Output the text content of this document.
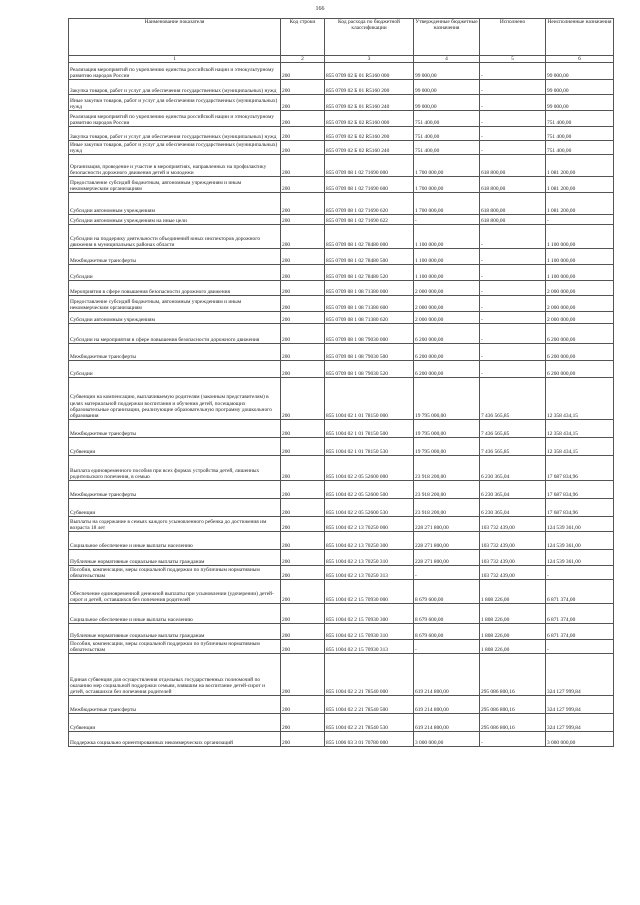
166
Наименование показателя	Код строки	Код расхода по бюджетной классификации	Утвержденные бюджетные назначения	Исполнено	Неисполненные назначения
1	2	3	4	5	6
Реализация мероприятий по укреплению единства российской нации и этнокультурному развитию народов России	200	855 0709 02 Б 01 R5160 000	99 000,00	-	99 000,00
Закупка товаров, работ и услуг для обеспечения государственных (муниципальных) нужд	200	855 0709 02 Б 01 R5160 200	99 000,00	-	99 000,00
Иные закупки товаров, работ и услуг для обеспечения государственных (муниципальных) нужд	200	855 0709 02 Б 01 R5160 240	99 000,00	-	99 000,00
Реализация мероприятий по укреплению единства российской нации и этнокультурному развитию народов России	200	855 0709 02 Б 02 R5160 000	751 400,00	-	751 400,00
Закупка товаров, работ и услуг для обеспечения государственных (муниципальных) нужд	200	855 0709 02 Б 02 R5160 200	751 400,00	-	751 400,00
Иные закупки товаров, работ и услуг для обеспечения государственных (муниципальных) нужд	200	855 0709 02 Б 02 R5160 240	751 400,00	-	751 400,00
Организация, проведение и участие в мероприятиях, направленных на профилактику безопасности дорожного движения детей и молодежи	200	855 0709 08 1 02 71690 000	1 700 000,00	618 800,00	1 081 200,00
Предоставление субсидий бюджетным, автономным учреждениям и иным некоммерческим организациям	200	855 0709 08 1 02 71690 600	1 700 000,00	618 800,00	1 081 200,00
Субсидии автономным учреждениям	200	855 0709 08 1 02 71690 620	1 700 000,00	618 800,00	1 081 200,00
Субсидии автономным учреждениям на иные цели	200	855 0709 08 1 02 71690 622	-	618 800,00	-
Субсидии на поддержку деятельности объединений юных инспекторов дорожного движения в муниципальных районах области	200	855 0709 08 1 02 78480 000	1 100 000,00	-	1 100 000,00
Межбюджетные трансферты	200	855 0709 08 1 02 78480 500	1 100 000,00	-	1 100 000,00
Субсидии	200	855 0709 08 1 02 78480 520	1 100 000,00	-	1 100 000,00
Мероприятия в сфере повышения безопасности дорожного движения	200	855 0709 08 1 08 71380 000	2 000 000,00	-	2 000 000,00
Предоставление субсидий бюджетным, автономным учреждениям и иным некоммерческим организациям	200	855 0709 08 1 08 71380 600	2 000 000,00	-	2 000 000,00
Субсидии автономным учреждениям	200	855 0709 08 1 08 71380 620	2 000 000,00	-	2 000 000,00
Субсидии на мероприятия в сфере повышения безопасности дорожного движения	200	855 0709 08 1 08 79030 000	6 200 000,00	-	6 200 000,00
Межбюджетные трансферты	200	855 0709 08 1 08 79030 500	6 200 000,00	-	6 200 000,00
Субсидии	200	855 0709 08 1 08 79030 520	6 200 000,00	-	6 200 000,00
Субвенции на компенсацию, выплачиваемую родителям (законным представителям) в целях материальной поддержки воспитания и обучения детей, посещающих образовательные организации, реализующие образовательную программу дошкольного образования	200	855 1004 02 1 01 78150 000	19 795 000,00	7 436 565,85	12 358 434,15
Межбюджетные трансферты	200	855 1004 02 1 01 78150 500	19 795 000,00	7 436 565,85	12 358 434,15
Субвенции	200	855 1004 02 1 01 78150 530	19 795 000,00	7 436 565,85	12 358 434,15
Выплата единовременного пособия при всех формах устройства детей, лишенных родительского попечения, в семью	200	855 1004 02 2 05 52600 000	23 918 200,00	6 230 365,04	17 687 834,96
Межбюджетные трансферты	200	855 1004 02 2 05 52600 500	23 918 200,00	6 230 365,04	17 687 834,96
Субвенции	200	855 1004 02 2 05 52600 530	23 918 200,00	6 230 365,04	17 687 834,96
Выплаты на содержание в семьях каждого усыновленного ребенка до достижения им возраста 18 лет	200	855 1004 02 2 13 70250 000	228 271 800,00	103 732 439,00	124 539 361,00
Социальное обеспечение и иные выплаты населению	200	855 1004 02 2 13 70250 300	228 271 800,00	103 732 439,00	124 539 361,00
Публичные нормативные социальные выплаты гражданам	200	855 1004 02 2 13 70250 310	228 271 800,00	103 732 439,00	124 539 361,00
Пособия, компенсации, меры социальной поддержки по публичным нормативным обязательствам	200	855 1004 02 2 13 70250 313	-	103 732 439,00	-
Обеспечение единовременной денежной выплаты при усыновлении (удочерении) детей-сирот и детей, оставшихся без попечения родителей	200	855 1004 02 2 15 70930 000	8 679 600,00	1 808 226,00	6 871 374,00
Социальное обеспечение и иные выплаты населению	200	855 1004 02 2 15 70930 300	8 679 600,00	1 808 226,00	6 871 374,00
Публичные нормативные социальные выплаты гражданам	200	855 1004 02 2 15 70930 310	8 679 600,00	1 808 226,00	6 871 374,00
Пособия, компенсации, меры социальной поддержки по публичным нормативным обязательствам	200	855 1004 02 2 15 70930 313	-	1 808 226,00	-
Единая субвенция для осуществления отдельных государственных полномочий по оказанию мер социальной поддержки семьям, взявшим на воспитание детей-сирот и детей, оставшихся без попечения родителей	200	855 1004 02 2 21 78540 000	619 214 800,00	295 086 800,16	324 127 999,84
Межбюджетные трансферты	200	855 1004 02 2 21 78540 500	619 214 800,00	295 086 800,16	324 127 999,84
Субвенции	200	855 1004 02 2 21 78540 530	619 214 800,00	295 086 800,16	324 127 999,84
Поддержка социально ориентированных некоммерческих организаций	200	855 1006 03 3 01 70780 000	3 000 000,00	-	3 000 000,00
